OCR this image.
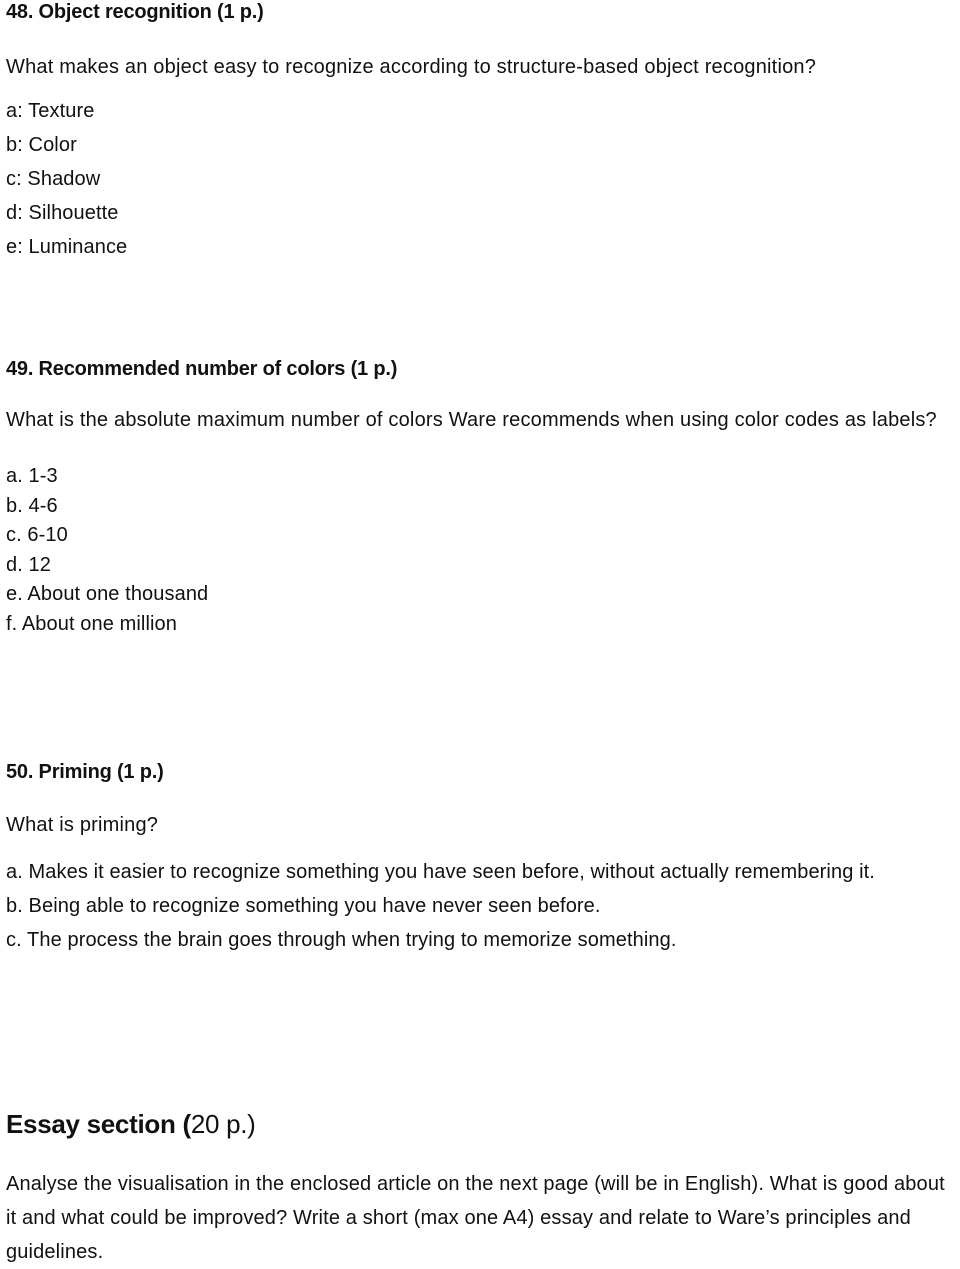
48. Object recognition (1 p.)

What makes an object easy to recognize according to structure-based object recognition?

a: Texture
b: Color
c: Shadow
d: Silhouette
e: Luminance
49. Recommended number of colors (1 p.)

What is the absolute maximum number of colors Ware recommends when using color codes as labels?

a. 1-3
b. 4-6
c. 6-10
d. 12
e. About one thousand
f. About one million
50. Priming (1 p.)

What is priming?

a. Makes it easier to recognize something you have seen before, without actually remembering it.
b. Being able to recognize something you have never seen before.
c. The process the brain goes through when trying to memorize something.
Essay section (20 p.)

Analyse the visualisation in the enclosed article on the next page (will be in English). What is good about it and what could be improved? Write a short (max one A4) essay and relate to Ware’s principles and guidelines.
